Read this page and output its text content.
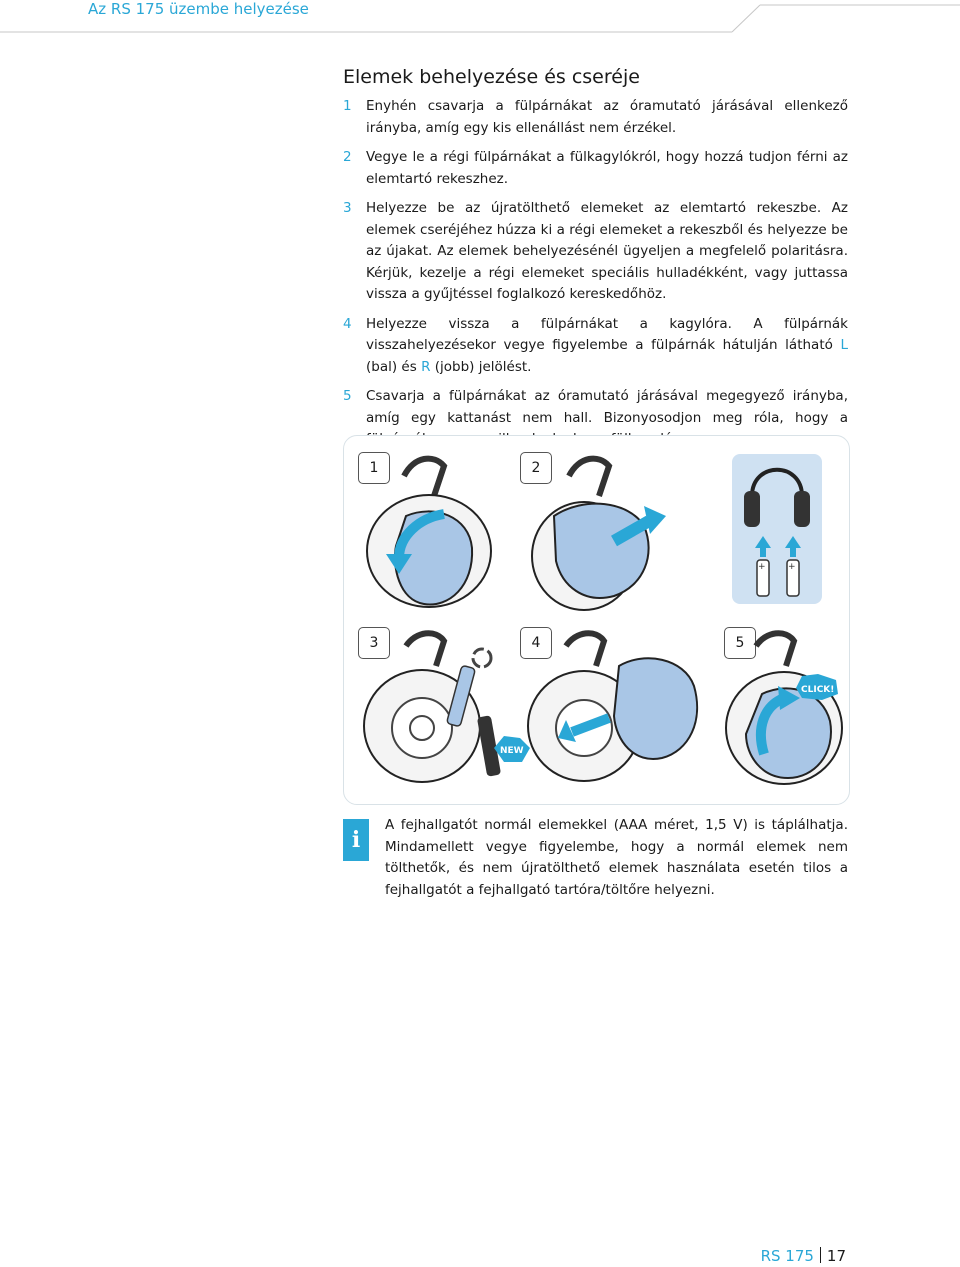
Az RS 175 üzembe helyezése
Elemek behelyezése és cseréje
1 Enyhén csavarja a fülpárnákat az óramutató járásával ellenkező irányba, amíg egy kis ellenállást nem érzékel.
2 Vegye le a régi fülpárnákat a fülkagylókról, hogy hozzá tudjon férni az elemtartó rekeszhez.
3 Helyezze be az újratölthető elemeket az elemtartó rekeszbe. Az elemek cseréjéhez húzza ki a régi elemeket a rekeszből és helyezze be az újakat. Az elemek behelyezésénél ügyeljen a megfelelő polaritásra. Kérjük, kezelje a régi elemeket speciális hulladékként, vagy juttassa vissza a gyűjtéssel foglalkozó kereskedőhöz.
4 Helyezze vissza a fülpárnákat a kagylóra. A fülpárnák visszahelyezésekor vegye figyelembe a fülpárnák hátulján látható L (bal) és R (jobb) jelölést.
5 Csavarja a fülpárnákat az óramutató járásával megegyező irányba, amíg egy kattanást nem hall. Bizonyosodjon meg róla, hogy a
1	2
3	4	5
+ +
NEW
CLICK!
i
A fejhallgatót normál elemekkel (AAA méret, 1,5 V) is táplálhatja. Mindamellett vegye figyelembe, hogy a normál elemek nem tölthetők, és nem újratölthető elemek használata esetén tilos a fejhallgatót a fejhallgató tartóra/töltőre helyezni.
RS 175 17
